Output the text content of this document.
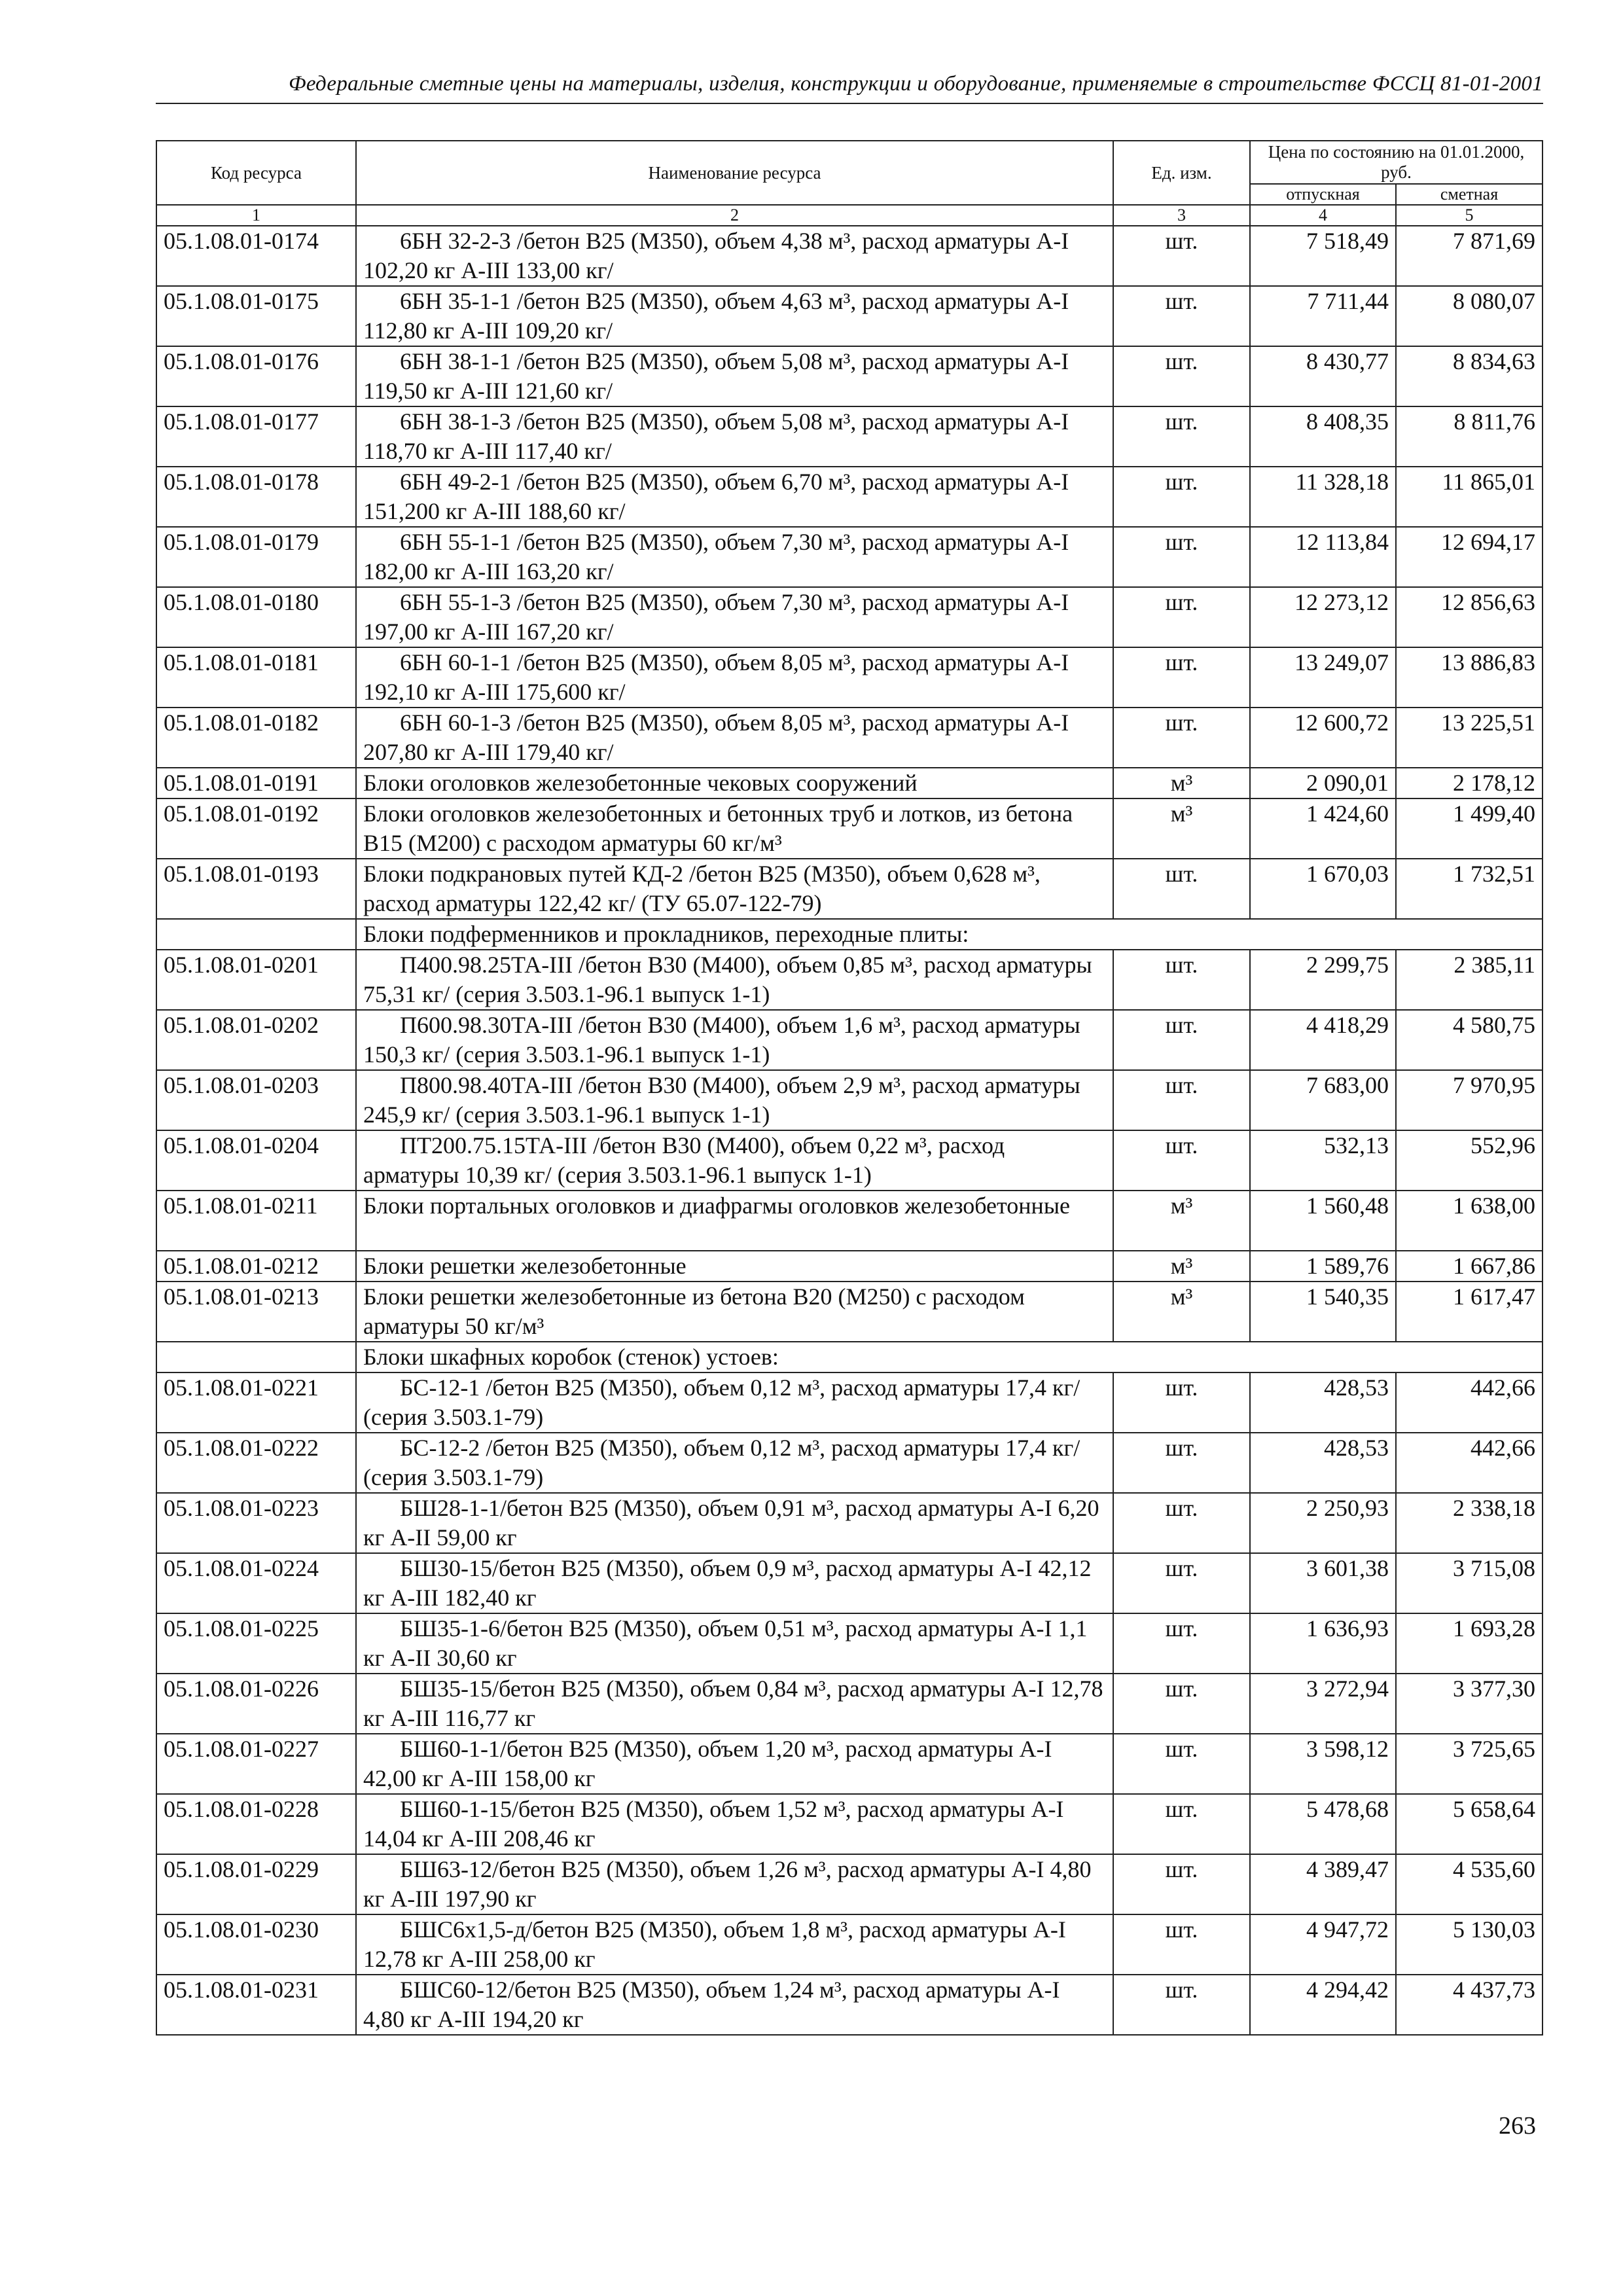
Федеральные сметные цены на материалы, изделия, конструкции и оборудование, применяемые в строительстве ФССЦ 81-01-2001
Код ресурса	Наименование ресурса	Ед. изм.	Цена по состоянию на 01.01.2000, руб.	
			отпускная	сметная
1	2	3	4	5
05.1.08.01-0174	6БН 32-2-3 /бетон В25 (М350), объем 4,38 м³, расход арматуры А-I 102,20 кг А-III 133,00 кг/	шт.	7 518,49	7 871,69
05.1.08.01-0175	6БН 35-1-1 /бетон В25 (М350), объем 4,63 м³, расход арматуры А-I 112,80 кг А-III 109,20 кг/	шт.	7 711,44	8 080,07
05.1.08.01-0176	6БН 38-1-1 /бетон В25 (М350), объем 5,08 м³, расход арматуры А-I 119,50 кг А-III 121,60 кг/	шт.	8 430,77	8 834,63
05.1.08.01-0177	6БН 38-1-3 /бетон В25 (М350), объем 5,08 м³, расход арматуры А-I 118,70 кг А-III 117,40 кг/	шт.	8 408,35	8 811,76
05.1.08.01-0178	6БН 49-2-1 /бетон В25 (М350), объем 6,70 м³, расход арматуры А-I 151,200 кг А-III 188,60 кг/	шт.	11 328,18	11 865,01
05.1.08.01-0179	6БН 55-1-1 /бетон В25 (М350), объем 7,30 м³, расход арматуры А-I 182,00 кг А-III 163,20 кг/	шт.	12 113,84	12 694,17
05.1.08.01-0180	6БН 55-1-3 /бетон В25 (М350), объем 7,30 м³, расход арматуры А-I 197,00 кг А-III 167,20 кг/	шт.	12 273,12	12 856,63
05.1.08.01-0181	6БН 60-1-1 /бетон В25 (М350), объем 8,05 м³, расход арматуры А-I 192,10 кг А-III 175,600 кг/	шт.	13 249,07	13 886,83
05.1.08.01-0182	6БН 60-1-3 /бетон В25 (М350), объем 8,05 м³, расход арматуры А-I 207,80 кг А-III 179,40 кг/	шт.	12 600,72	13 225,51
05.1.08.01-0191	Блоки оголовков железобетонные чековых сооружений	м³	2 090,01	2 178,12
05.1.08.01-0192	Блоки оголовков железобетонных и бетонных труб и лотков, из бетона В15 (М200) с расходом арматуры 60 кг/м³	м³	1 424,60	1 499,40
05.1.08.01-0193	Блоки подкрановых путей КД-2 /бетон В25 (М350), объем 0,628 м³, расход арматуры 122,42 кг/ (ТУ 65.07-122-79)	шт.	1 670,03	1 732,51
	Блоки подферменников и прокладников, переходные плиты:			
05.1.08.01-0201	П400.98.25ТА-III /бетон В30 (М400), объем 0,85 м³, расход арматуры 75,31 кг/ (серия 3.503.1-96.1 выпуск 1-1)	шт.	2 299,75	2 385,11
05.1.08.01-0202	П600.98.30ТА-III /бетон В30 (М400), объем 1,6 м³, расход арматуры 150,3 кг/ (серия 3.503.1-96.1 выпуск 1-1)	шт.	4 418,29	4 580,75
05.1.08.01-0203	П800.98.40ТА-III /бетон В30 (М400), объем 2,9 м³, расход арматуры 245,9 кг/ (серия 3.503.1-96.1 выпуск 1-1)	шт.	7 683,00	7 970,95
05.1.08.01-0204	ПТ200.75.15ТА-III /бетон В30 (М400), объем 0,22 м³, расход арматуры 10,39 кг/ (серия 3.503.1-96.1 выпуск 1-1)	шт.	532,13	552,96
05.1.08.01-0211	Блоки портальных оголовков и диафрагмы оголовков железобетонные	м³	1 560,48	1 638,00
05.1.08.01-0212	Блоки решетки железобетонные	м³	1 589,76	1 667,86
05.1.08.01-0213	Блоки решетки железобетонные из бетона В20 (М250) с расходом арматуры 50 кг/м³	м³	1 540,35	1 617,47
	Блоки шкафных коробок (стенок) устоев:			
05.1.08.01-0221	БС-12-1 /бетон В25 (М350), объем 0,12 м³, расход арматуры 17,4 кг/ (серия 3.503.1-79)	шт.	428,53	442,66
05.1.08.01-0222	БС-12-2 /бетон В25 (М350), объем 0,12 м³, расход арматуры 17,4 кг/ (серия 3.503.1-79)	шт.	428,53	442,66
05.1.08.01-0223	БШ28-1-1/бетон В25 (М350), объем 0,91 м³, расход арматуры А-I 6,20 кг А-II 59,00 кг	шт.	2 250,93	2 338,18
05.1.08.01-0224	БШ30-15/бетон В25 (М350), объем 0,9 м³, расход арматуры А-I 42,12 кг А-III 182,40 кг	шт.	3 601,38	3 715,08
05.1.08.01-0225	БШ35-1-6/бетон В25 (М350), объем 0,51 м³, расход арматуры А-I 1,1 кг А-II 30,60 кг	шт.	1 636,93	1 693,28
05.1.08.01-0226	БШ35-15/бетон В25 (М350), объем 0,84 м³, расход арматуры А-I 12,78 кг А-III 116,77 кг	шт.	3 272,94	3 377,30
05.1.08.01-0227	БШ60-1-1/бетон В25 (М350), объем 1,20 м³, расход арматуры А-I 42,00 кг А-III 158,00 кг	шт.	3 598,12	3 725,65
05.1.08.01-0228	БШ60-1-15/бетон В25 (М350), объем 1,52 м³, расход арматуры А-I 14,04 кг А-III 208,46 кг	шт.	5 478,68	5 658,64
05.1.08.01-0229	БШ63-12/бетон В25 (М350), объем 1,26 м³, расход арматуры А-I 4,80 кг А-III 197,90 кг	шт.	4 389,47	4 535,60
05.1.08.01-0230	БШС6х1,5-д/бетон В25 (М350), объем 1,8 м³, расход арматуры А-I 12,78 кг А-III 258,00 кг	шт.	4 947,72	5 130,03
05.1.08.01-0231	БШС60-12/бетон В25 (М350), объем 1,24 м³, расход арматуры А-I 4,80 кг А-III 194,20 кг	шт.	4 294,42	4 437,73
263
